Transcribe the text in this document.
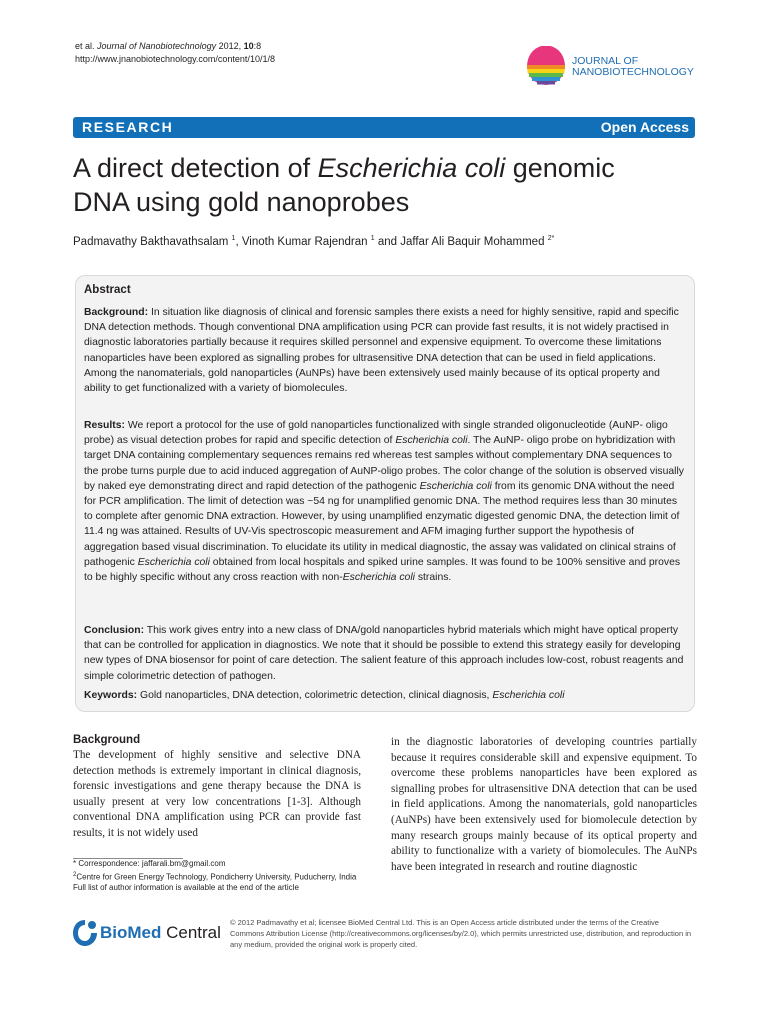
et al. Journal of Nanobiotechnology 2012, 10:8
http://www.jnanobiotechnology.com/content/10/1/8	JOURNAL OF
NANOBIOTECHNOLOGY
RESEARCH	Open Access
A direct detection of Escherichia coli genomic
DNA using gold nanoprobes
Padmavathy Bakthavathsalam $^1$, Vinoth Kumar Rajendran $^1$ and Jaffar Ali Baquir Mohammed $^{2*}$
Abstract
Background: In situation like diagnosis of clinical and forensic samples there exists a need for highly sensitive, rapid and specific DNA detection methods. Though conventional DNA amplification using PCR can provide fast results, it is not widely practised in diagnostic laboratories partially because it requires skilled personnel and expensive equipment. To overcome these limitations nanoparticles have been explored as signalling probes for ultrasensitive DNA detection that can be used in field applications. Among the nanomaterials, gold nanoparticles (AuNPs) have been extensively used mainly because of its optical property and ability to get functionalized with a variety of biomolecules.
Results: We report a protocol for the use of gold nanoparticles functionalized with single stranded oligonucleotide (AuNP- oligo probe) as visual detection probes for rapid and specific detection of Escherichia coli. The AuNP- oligo probe on hybridization with target DNA containing complementary sequences remains red whereas test samples without complementary DNA sequences to the probe turns purple due to acid induced aggregation of AuNP-oligo probes. The color change of the solution is observed visually by naked eye demonstrating direct and rapid detection of the pathogenic Escherichia coli from its genomic DNA without the need for PCR amplification. The limit of detection was ~54 ng for unamplified genomic DNA. The method requires less than 30 minutes to complete after genomic DNA extraction. However, by using unamplified enzymatic digested genomic DNA, the detection limit of 11.4 ng was attained. Results of UV-Vis spectroscopic measurement and AFM imaging further support the hypothesis of aggregation based visual discrimination. To elucidate its utility in medical diagnostic, the assay was validated on clinical strains of pathogenic Escherichia coli obtained from local hospitals and spiked urine samples. It was found to be 100% sensitive and proves to be highly specific without any cross reaction with non-Escherichia coli strains.
Conclusion: This work gives entry into a new class of DNA/gold nanoparticles hybrid materials which might have optical property that can be controlled for application in diagnostics. We note that it should be possible to extend this strategy easily for developing new types of DNA biosensor for point of care detection. The salient feature of this approach includes low-cost, robust reagents and simple colorimetric detection of pathogen.
Keywords: Gold nanoparticles, DNA detection, colorimetric detection, clinical diagnosis, Escherichia coli
Background
The development of highly sensitive and selective DNA detection methods is extremely important in clinical diagnosis, forensic investigations and gene therapy because the DNA is usually present at very low concentrations [1-3]. Although conventional DNA amplification using PCR can provide fast results, it is not widely used
in the diagnostic laboratories of developing countries partially because it requires considerable skill and expensive equipment. To overcome these problems nanoparticles have been explored as signalling probes for ultrasensitive DNA detection that can be used in field applications. Among the nanomaterials, gold nanoparticles (AuNPs) have been extensively used for biomolecule detection by many research groups mainly because of its optical property and ability to functionalize with a variety of biomolecules. The AuNPs have been integrated in research and routine diagnostic
* Correspondence: jaffarali.bm@gmail.com
$^2$Centre for Green Energy Technology, Pondicherry University, Puducherry, India
Full list of author information is available at the end of the article
BioMed Central
© 2012 Padmavathy et al; licensee BioMed Central Ltd. This is an Open Access article distributed under the terms of the Creative Commons Attribution License (http://creativecommons.org/licenses/by/2.0), which permits unrestricted use, distribution, and reproduction in any medium, provided the original work is properly cited.
